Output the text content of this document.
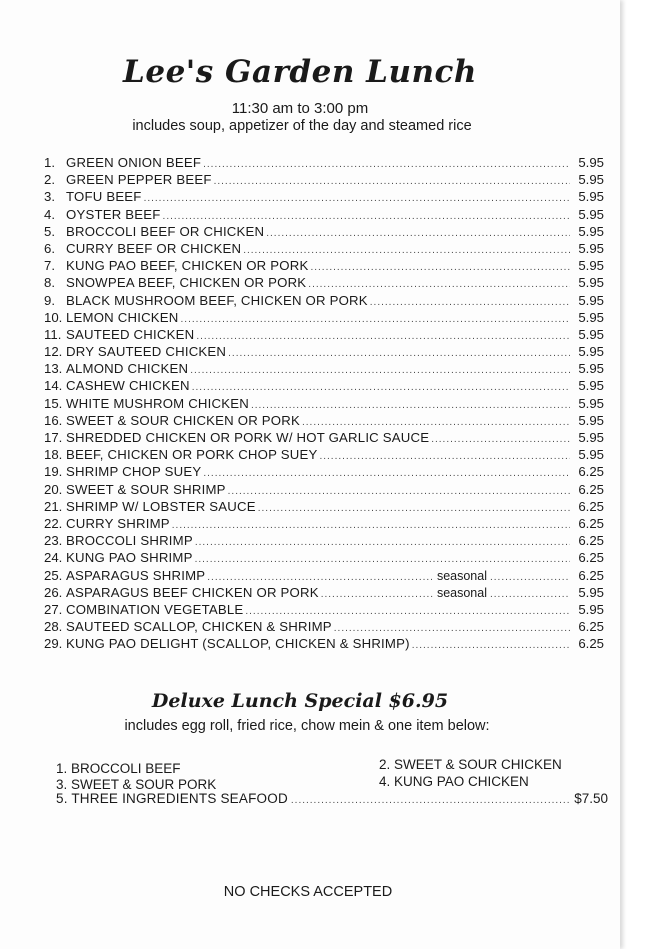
Lee's Garden Lunch
11:30 am to 3:00 pm
includes soup, appetizer of the day and steamed rice
1. GREEN ONION BEEF .....	5.95
2. GREEN PEPPER BEEF .....	5.95
3. TOFU BEEF .....	5.95
4. OYSTER BEEF .....	5.95
5. BROCCOLI BEEF OR CHICKEN .....	5.95
6. CURRY BEEF OR CHICKEN .....	5.95
7. KUNG PAO BEEF, CHICKEN OR PORK .....	5.95
8. SNOWPEA BEEF, CHICKEN OR PORK .....	5.95
9. BLACK MUSHROOM BEEF, CHICKEN OR PORK .....	5.95
10. LEMON CHICKEN .....	5.95
11. SAUTEED CHICKEN .....	5.95
12. DRY SAUTEED CHICKEN .....	5.95
13. ALMOND CHICKEN .....	5.95
14. CASHEW CHICKEN .....	5.95
15. WHITE MUSHROM CHICKEN .....	5.95
16. SWEET & SOUR CHICKEN OR PORK .....	5.95
17. SHREDDED CHICKEN OR PORK W/ HOT GARLIC SAUCE .....	5.95
18. BEEF, CHICKEN OR PORK CHOP SUEY .....	5.95
19. SHRIMP CHOP SUEY .....	6.25
20. SWEET & SOUR SHRIMP .....	6.25
21. SHRIMP W/ LOBSTER SAUCE .....	6.25
22. CURRY SHRIMP .....	6.25
23. BROCCOLI SHRIMP .....	6.25
24. KUNG PAO SHRIMP .....	6.25
25. ASPARAGUS SHRIMP .....	seasonal .....	6.25
26. ASPARAGUS BEEF CHICKEN OR PORK .....	seasonal .....	5.95
27. COMBINATION VEGETABLE .....	5.95
28. SAUTEED SCALLOP, CHICKEN & SHRIMP .....	6.25
29. KUNG PAO DELIGHT (SCALLOP, CHICKEN & SHRIMP) .....	6.25
Deluxe Lunch Special $6.95
includes egg roll, fried rice, chow mein & one item below:
1. BROCCOLI BEEF	2. SWEET & SOUR CHICKEN
3. SWEET & SOUR PORK	4. KUNG PAO CHICKEN
5. THREE INGREDIENTS SEAFOOD .....	$7.50
NO CHECKS ACCEPTED
